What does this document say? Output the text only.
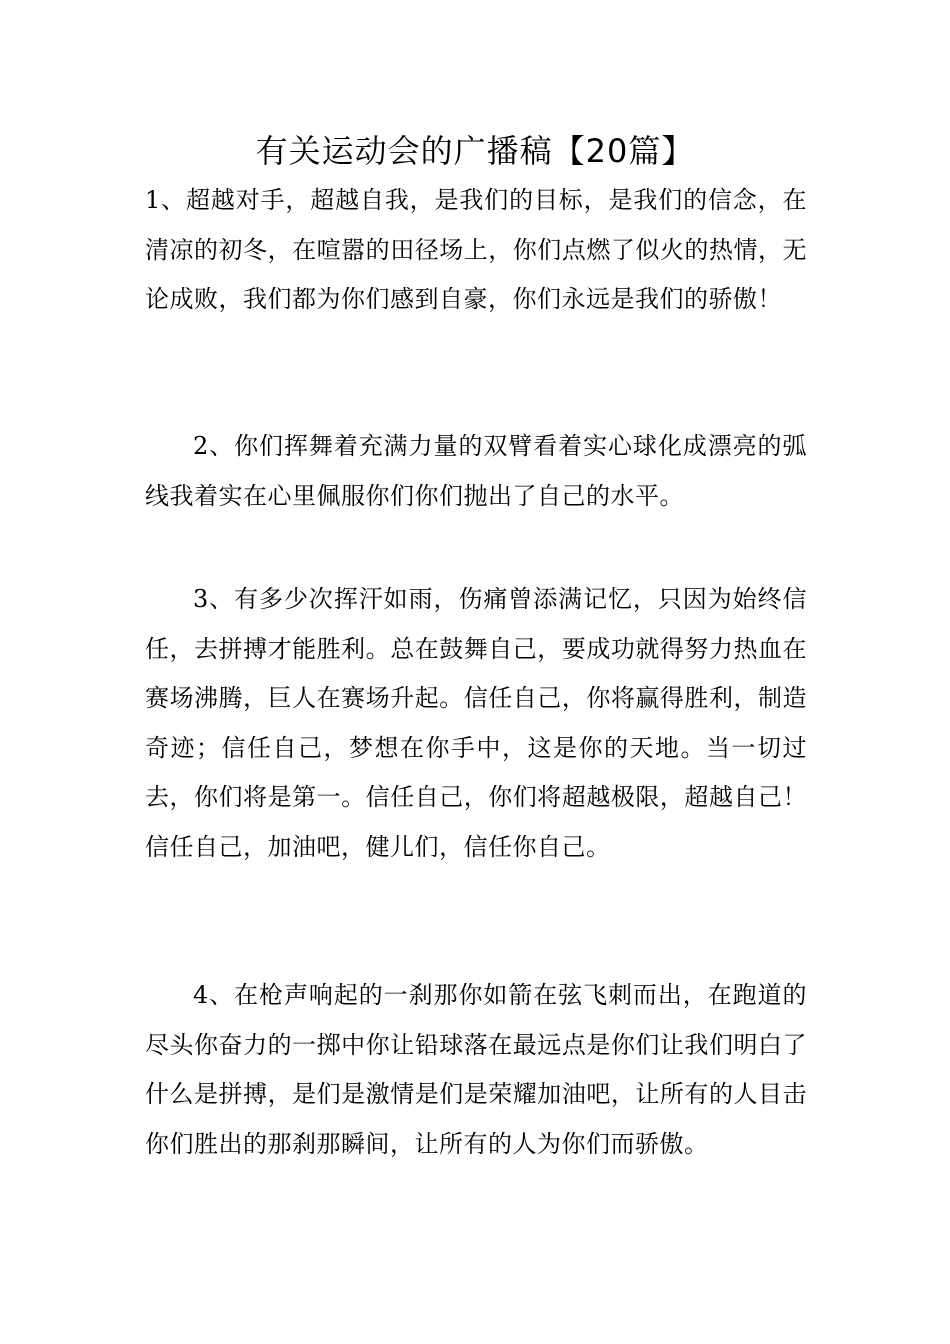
有关运动会的广播稿【20篇】

1、超越对手，超越自我，是我们的目标，是我们的信念，在清凉的初冬，在喧嚣的田径场上，你们点燃了似火的热情，无论成败，我们都为你们感到自豪，你们永远是我们的骄傲！

2、你们挥舞着充满力量的双臂看着实心球化成漂亮的弧线我着实在心里佩服你们你们抛出了自己的水平。

3、有多少次挥汗如雨，伤痛曾添满记忆，只因为始终信任，去拼搏才能胜利。总在鼓舞自己，要成功就得努力热血在赛场沸腾，巨人在赛场升起。信任自己，你将赢得胜利，制造奇迹；信任自己，梦想在你手中，这是你的天地。当一切过去，你们将是第一。信任自己，你们将超越极限，超越自己！信任自己，加油吧，健儿们，信任你自己。

4、在枪声响起的一刹那你如箭在弦飞刺而出，在跑道的尽头你奋力的一掷中你让铅球落在最远点是你们让我们明白了什么是拼搏，是们是激情是们是荣耀加油吧，让所有的人目击你们胜出的那刹那瞬间，让所有的人为你们而骄傲。
